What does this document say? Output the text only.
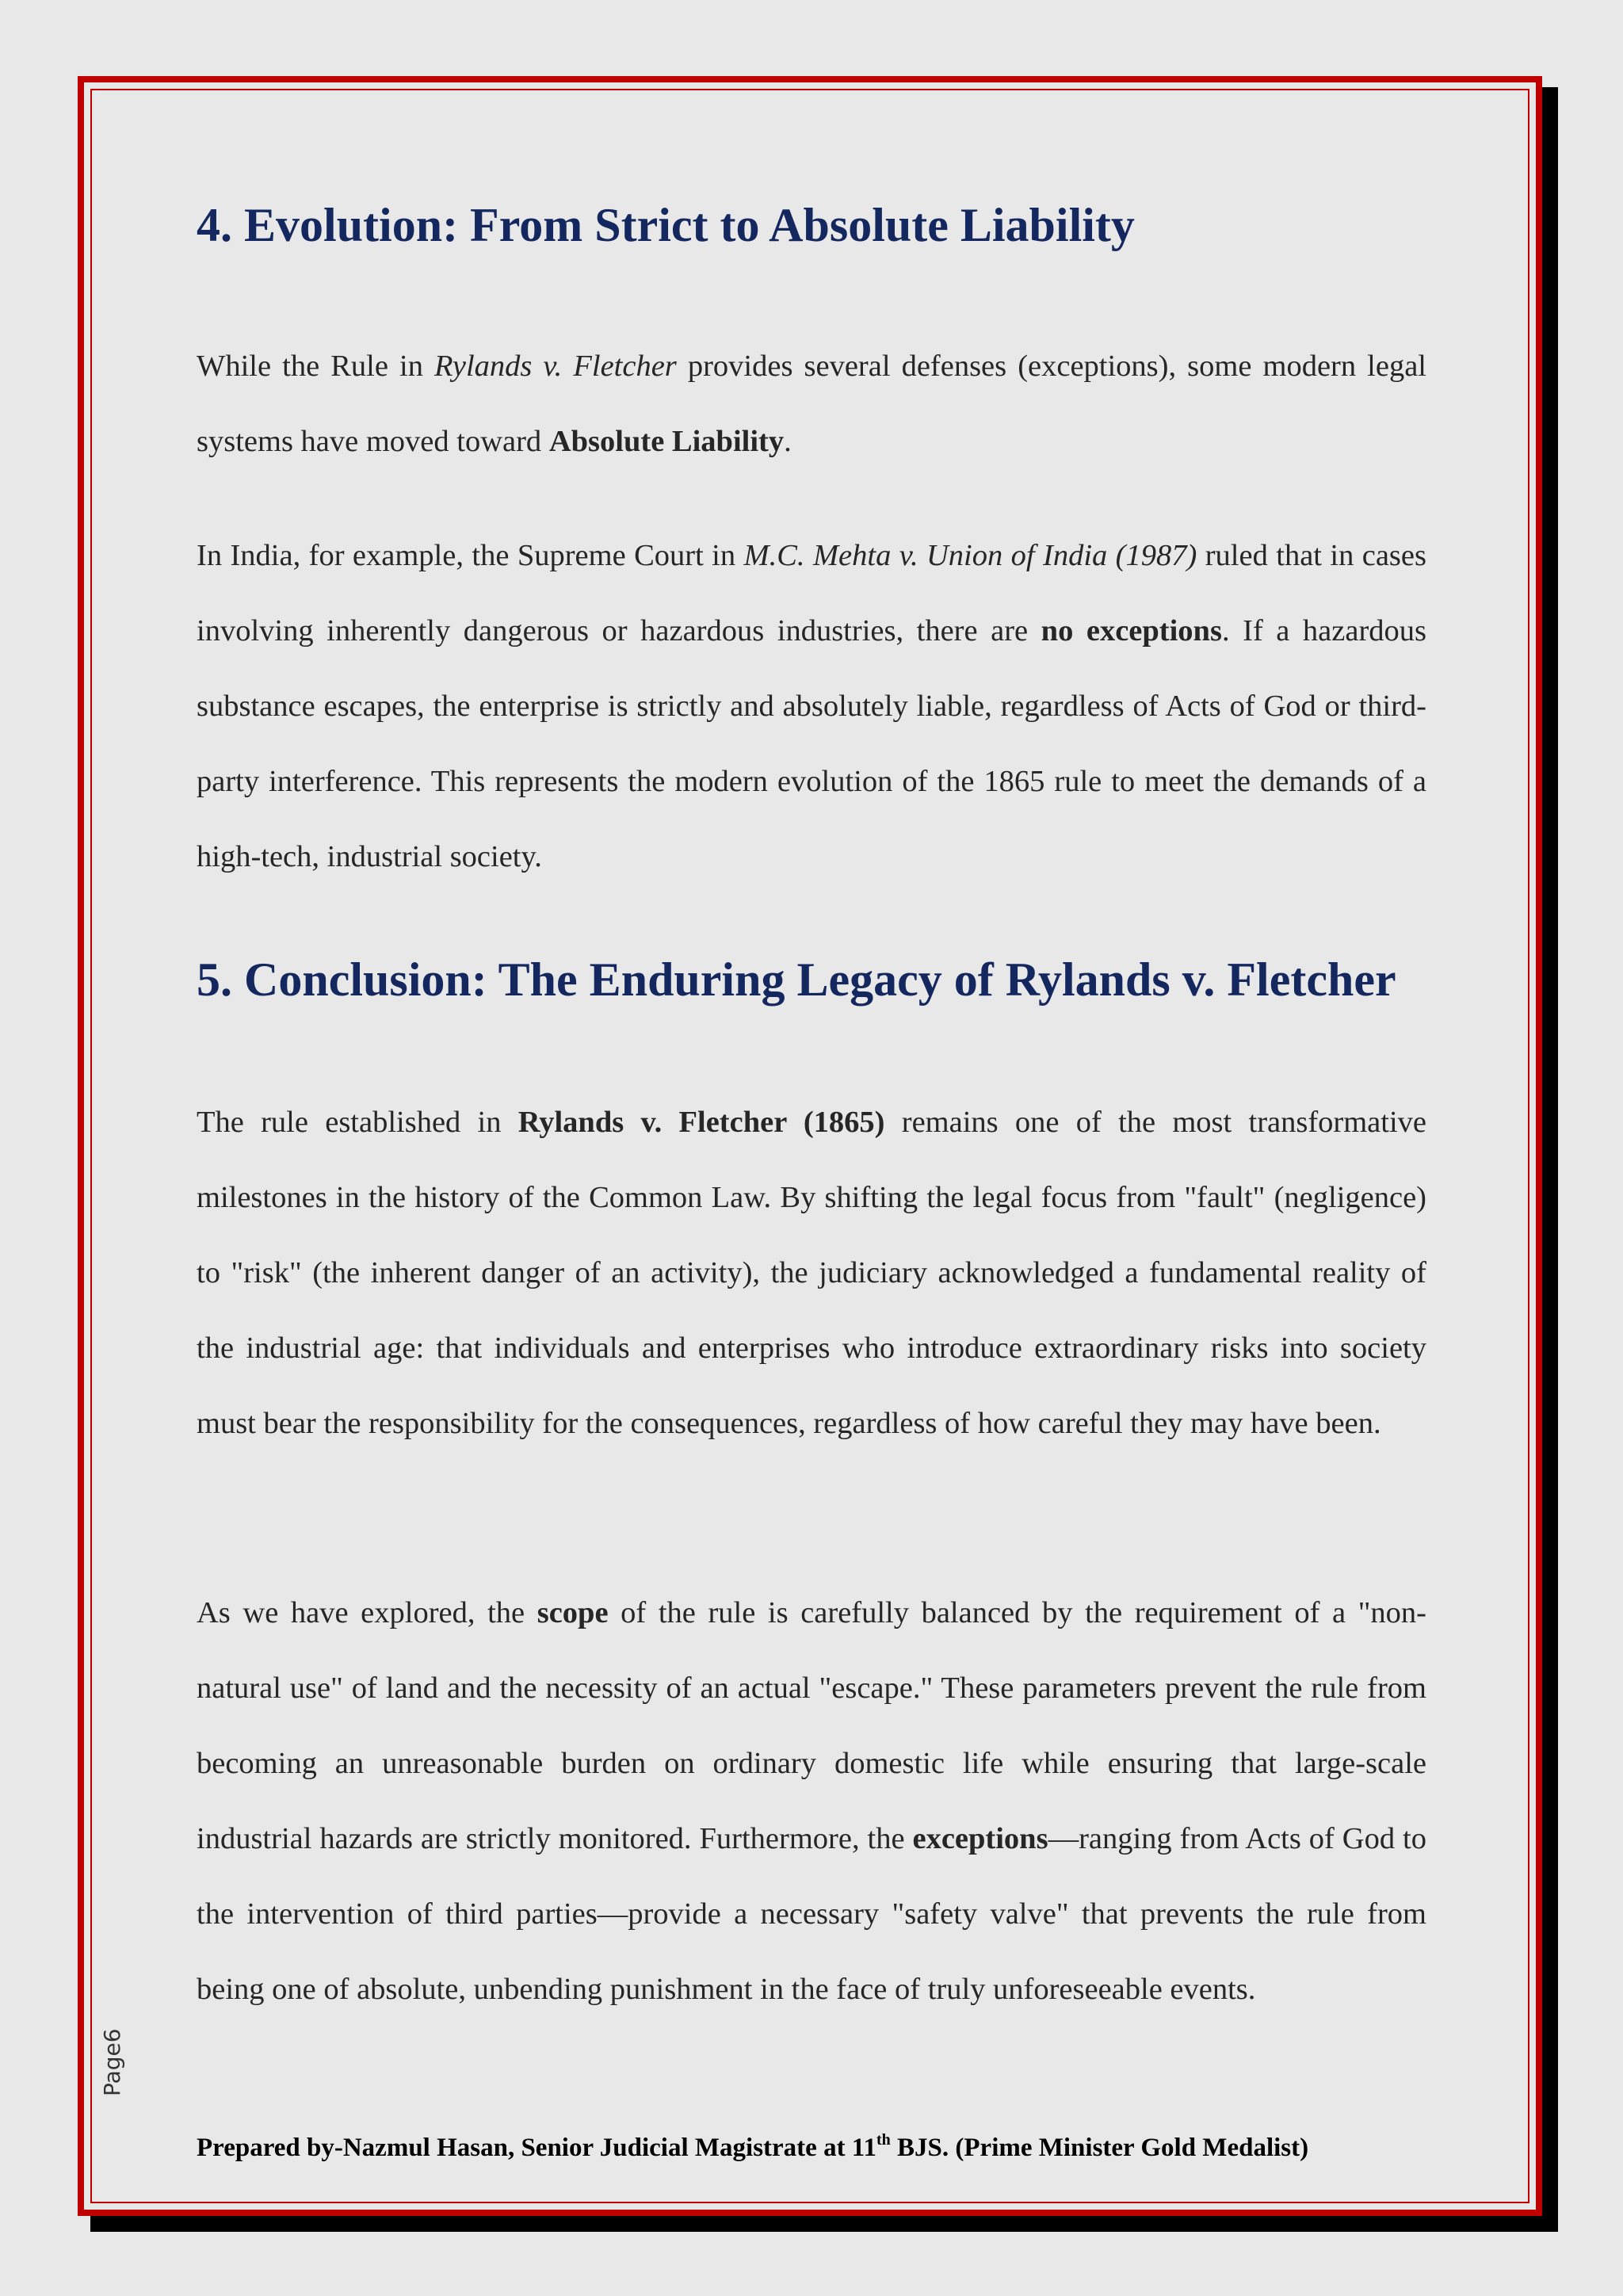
4. Evolution: From Strict to Absolute Liability

While the Rule in Rylands v. Fletcher provides several defenses (exceptions), some modern legal systems have moved toward Absolute Liability.

In India, for example, the Supreme Court in M.C. Mehta v. Union of India (1987) ruled that in cases involving inherently dangerous or hazardous industries, there are no exceptions. If a hazardous substance escapes, the enterprise is strictly and absolutely liable, regardless of Acts of God or third-party interference. This represents the modern evolution of the 1865 rule to meet the demands of a high-tech, industrial society.

5. Conclusion: The Enduring Legacy of Rylands v. Fletcher

The rule established in Rylands v. Fletcher (1865) remains one of the most transformative milestones in the history of the Common Law. By shifting the legal focus from "fault" (negligence) to "risk" (the inherent danger of an activity), the judiciary acknowledged a fundamental reality of the industrial age: that individuals and enterprises who introduce extraordinary risks into society must bear the responsibility for the consequences, regardless of how careful they may have been.

As we have explored, the scope of the rule is carefully balanced by the requirement of a "non-natural use" of land and the necessity of an actual "escape." These parameters prevent the rule from becoming an unreasonable burden on ordinary domestic life while ensuring that large-scale industrial hazards are strictly monitored. Furthermore, the exceptions—ranging from Acts of God to the intervention of third parties—provide a necessary "safety valve" that prevents the rule from being one of absolute, unbending punishment in the face of truly unforeseeable events.

Page6
Prepared by-Nazmul Hasan, Senior Judicial Magistrate at 11th BJS. (Prime Minister Gold Medalist)
